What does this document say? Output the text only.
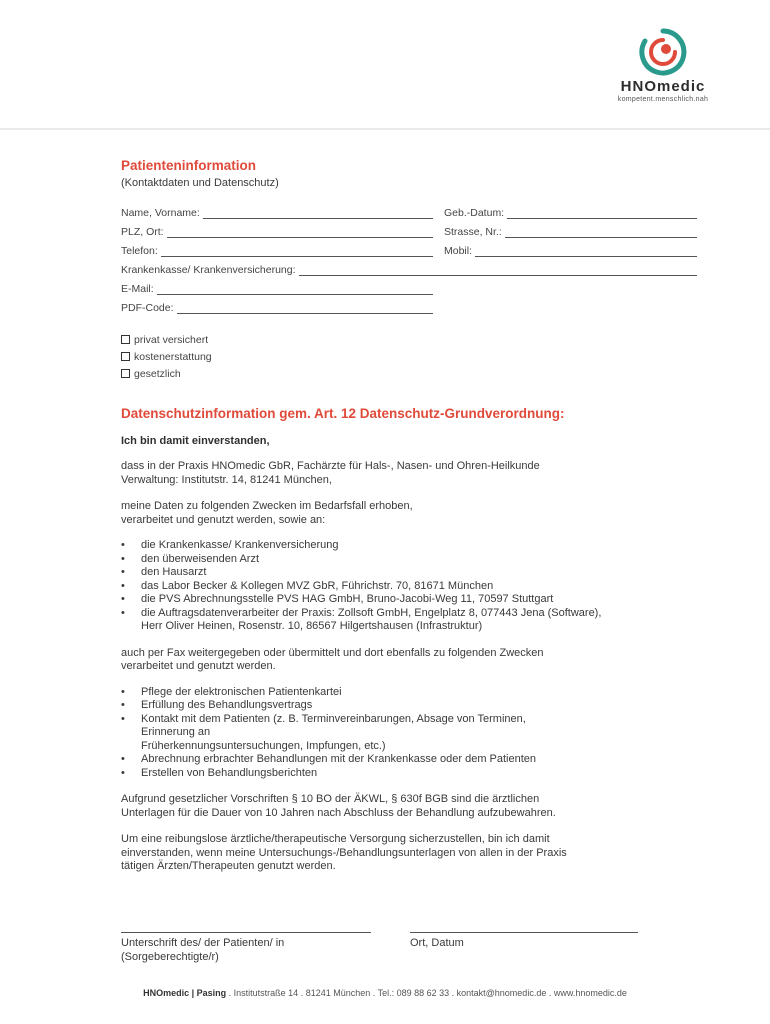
HNOmedic
kompetent.menschlich.nah
Patienteninformation
(Kontaktdaten und Datenschutz)
Name, Vorname:	Geb.-Datum:
PLZ, Ort:	Strasse, Nr.:
Telefon:	Mobil:
Krankenkasse/ Krankenversicherung:
E-Mail:
PDF-Code:
privat versichert
kostenerstattung
gesetzlich
Datenschutzinformation gem. Art. 12 Datenschutz-Grundverordnung:
Ich bin damit einverstanden,
dass in der Praxis HNOmedic GbR, Fachärzte für Hals-, Nasen- und Ohren-Heilkunde
Verwaltung: Institutstr. 14, 81241 München,
meine Daten zu folgenden Zwecken im Bedarfsfall erhoben,
verarbeitet und genutzt werden, sowie an:
• die Krankenkasse/ Krankenversicherung
• den überweisenden Arzt
• den Hausarzt
• das Labor Becker & Kollegen MVZ GbR, Führichstr. 70, 81671 München
• die PVS Abrechnungsstelle PVS HAG GmbH, Bruno-Jacobi-Weg 11, 70597 Stuttgart
• die Auftragsdatenverarbeiter der Praxis: Zollsoft GmbH, Engelplatz 8, 077443 Jena (Software),
Herr Oliver Heinen, Rosenstr. 10, 86567 Hilgertshausen (Infrastruktur)
auch per Fax weitergegeben oder übermittelt und dort ebenfalls zu folgenden Zwecken
verarbeitet und genutzt werden.
• Pflege der elektronischen Patientenkartei
• Erfüllung des Behandlungsvertrags
• Kontakt mit dem Patienten (z. B. Terminvereinbarungen, Absage von Terminen,
Erinnerung an
Früherkennungsuntersuchungen, Impfungen, etc.)
• Abrechnung erbrachter Behandlungen mit der Krankenkasse oder dem Patienten
• Erstellen von Behandlungsberichten
Aufgrund gesetzlicher Vorschriften § 10 BO der ÄKWL, § 630f BGB sind die ärztlichen
Unterlagen für die Dauer von 10 Jahren nach Abschluss der Behandlung aufzubewahren.
Um eine reibungslose ärztliche/therapeutische Versorgung sicherzustellen, bin ich damit
einverstanden, wenn meine Untersuchungs-/Behandlungsunterlagen von allen in der Praxis
tätigen Ärzten/Therapeuten genutzt werden.
Unterschrift des/ der Patienten/ in
(Sorgeberechtigte/r)
Ort, Datum
HNOmedic | Pasing . Institutstraße 14 . 81241 München . Tel.: 089 88 62 33 . kontakt@hnomedic.de . www.hnomedic.de
